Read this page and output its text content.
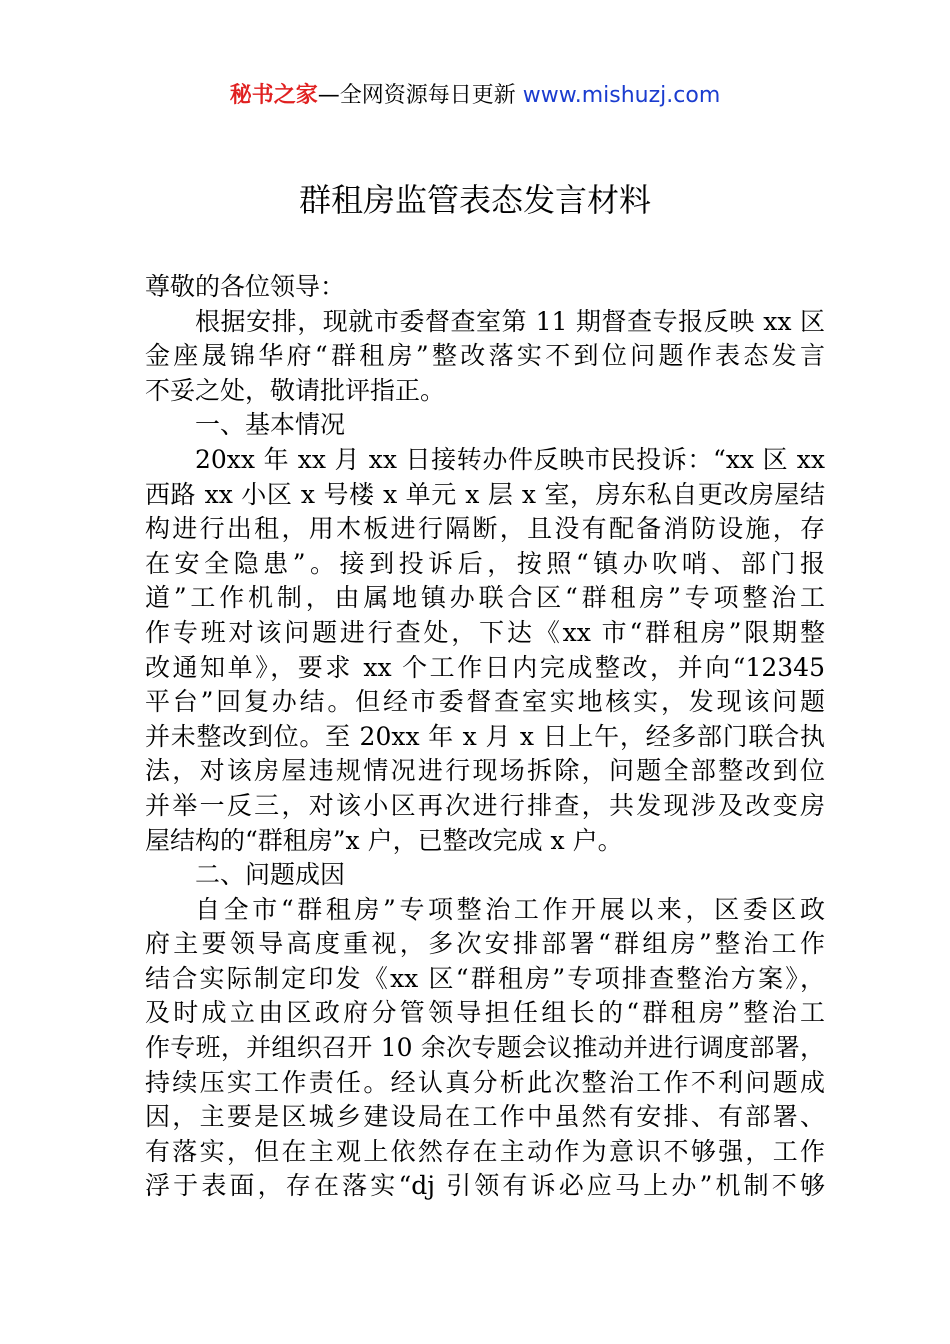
秘书之家—全网资源每日更新 www.mishuzj.com
群租房监管表态发言材料
尊敬的各位领导：
根据安排，现就市委督查室第 11 期督查专报反映 xx 区
金座晟锦华府“群租房”整改落实不到位问题作表态发言
不妥之处，敬请批评指正。
一、基本情况
20xx 年 xx 月 xx 日接转办件反映市民投诉：“xx 区 xx
西路 xx 小区 x 号楼 x 单元 x 层 x 室，房东私自更改房屋结
构进行出租，用木板进行隔断，且没有配备消防设施，存
在安全隐患”。接到投诉后，按照“镇办吹哨、部门报
道”工作机制，由属地镇办联合区“群租房”专项整治工
作专班对该问题进行查处，下达《xx 市“群租房”限期整
改通知单》，要求 xx 个工作日内完成整改，并向“12345
平台”回复办结。但经市委督查室实地核实，发现该问题
并未整改到位。至 20xx 年 x 月 x 日上午，经多部门联合执
法，对该房屋违规情况进行现场拆除，问题全部整改到位
并举一反三，对该小区再次进行排查，共发现涉及改变房
屋结构的“群租房”x 户，已整改完成 x 户。
二、问题成因
自全市“群租房”专项整治工作开展以来，区委区政
府主要领导高度重视，多次安排部署“群组房”整治工作
结合实际制定印发《xx 区“群租房”专项排查整治方案》，
及时成立由区政府分管领导担任组长的“群租房”整治工
作专班，并组织召开 10 余次专题会议推动并进行调度部署，
持续压实工作责任。经认真分析此次整治工作不利问题成
因，主要是区城乡建设局在工作中虽然有安排、有部署、
有落实，但在主观上依然存在主动作为意识不够强，工作
浮于表面，存在落实“dj 引领有诉必应马上办”机制不够
